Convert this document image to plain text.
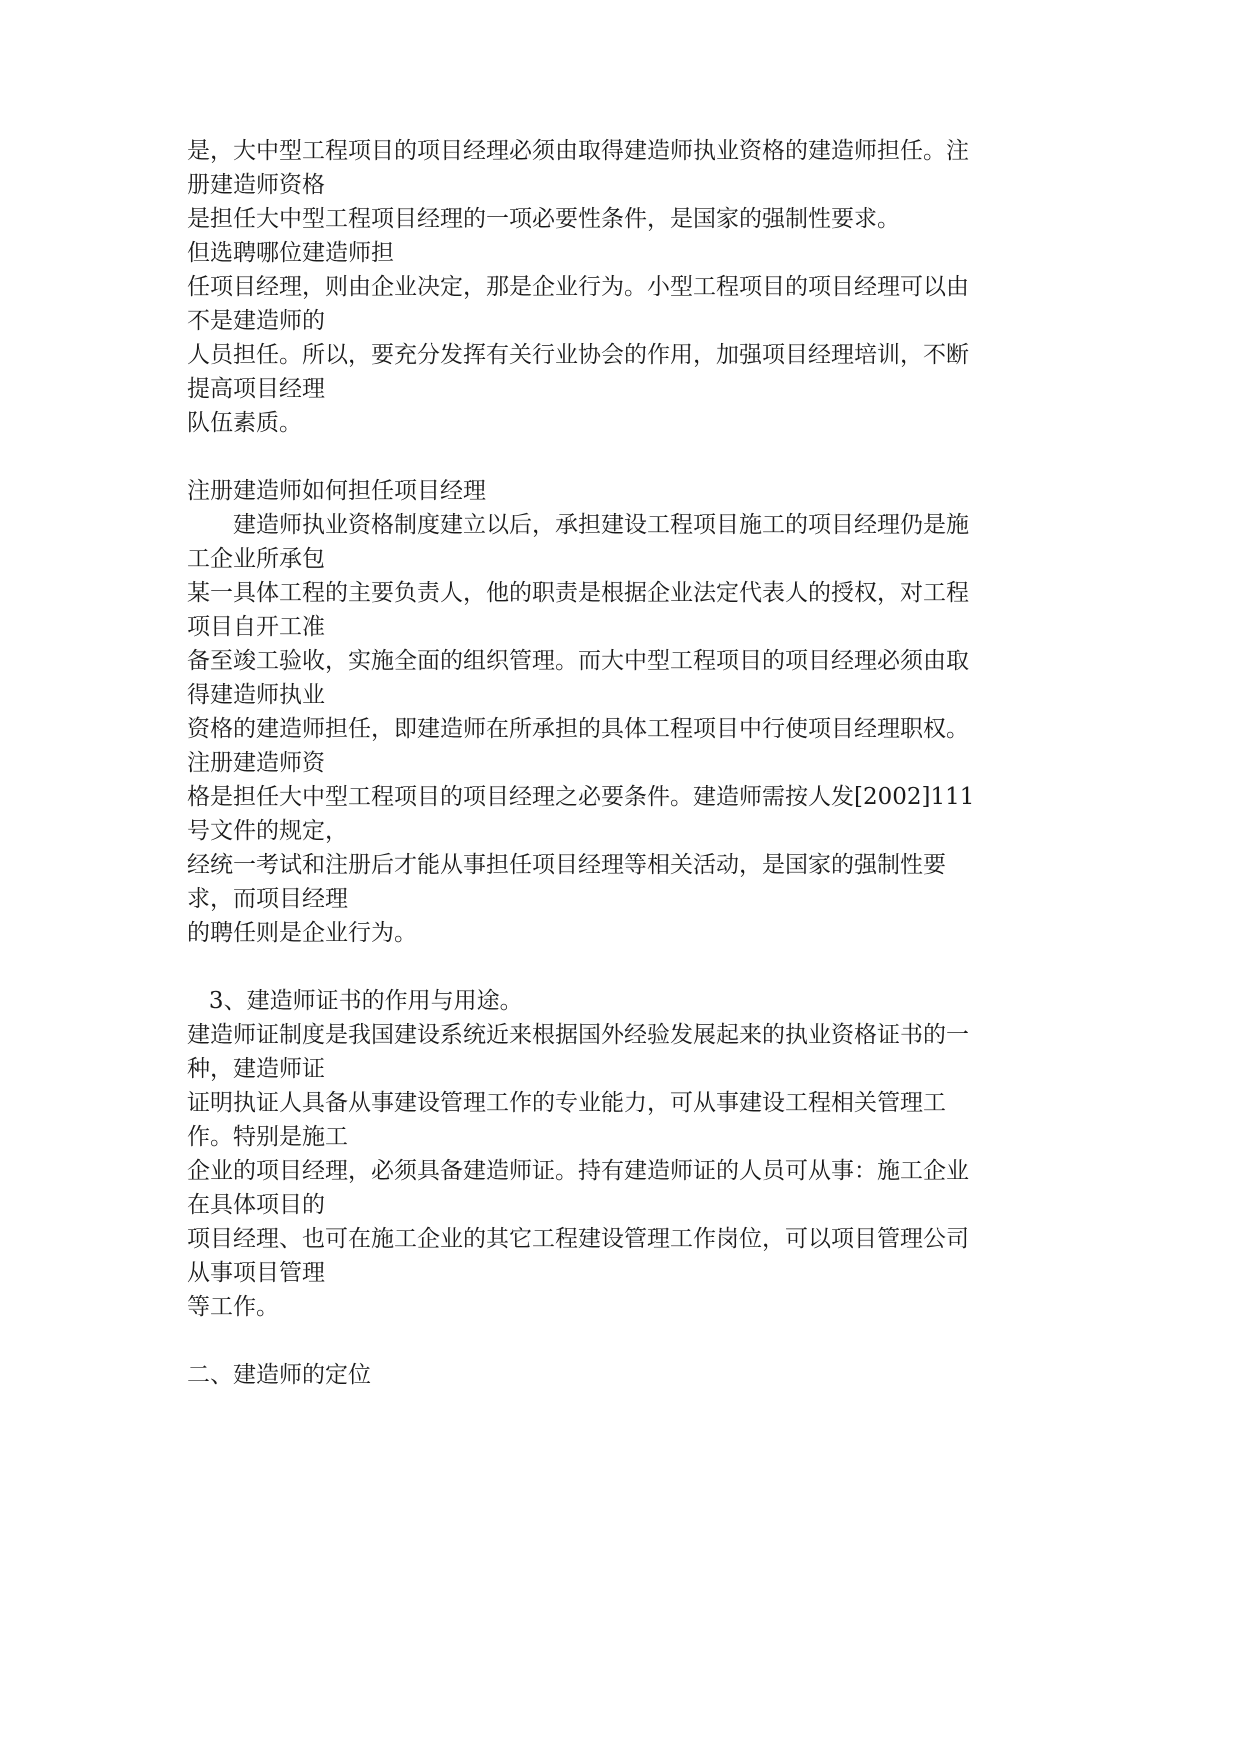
是，大中型工程项目的项目经理必须由取得建造师执业资格的建造师担任。注
册建造师资格
是担任大中型工程项目经理的一项必要性条件，是国家的强制性要求。
但选聘哪位建造师担
任项目经理，则由企业决定，那是企业行为。小型工程项目的项目经理可以由
不是建造师的
人员担任。所以，要充分发挥有关行业协会的作用，加强项目经理培训，不断
提高项目经理
队伍素质。
注册建造师如何担任项目经理
　　建造师执业资格制度建立以后，承担建设工程项目施工的项目经理仍是施
工企业所承包
某一具体工程的主要负责人，他的职责是根据企业法定代表人的授权，对工程
项目自开工准
备至竣工验收，实施全面的组织管理。而大中型工程项目的项目经理必须由取
得建造师执业
资格的建造师担任，即建造师在所承担的具体工程项目中行使项目经理职权。
注册建造师资
格是担任大中型工程项目的项目经理之必要条件。建造师需按人发[2002]111
号文件的规定，
经统一考试和注册后才能从事担任项目经理等相关活动，是国家的强制性要
求，而项目经理
的聘任则是企业行为。
3、建造师证书的作用与用途。
建造师证制度是我国建设系统近来根据国外经验发展起来的执业资格证书的一
种，建造师证
证明执证人具备从事建设管理工作的专业能力，可从事建设工程相关管理工
作。特别是施工
企业的项目经理，必须具备建造师证。持有建造师证的人员可从事：施工企业
在具体项目的
项目经理、也可在施工企业的其它工程建设管理工作岗位，可以项目管理公司
从事项目管理
等工作。
二、建造师的定位
